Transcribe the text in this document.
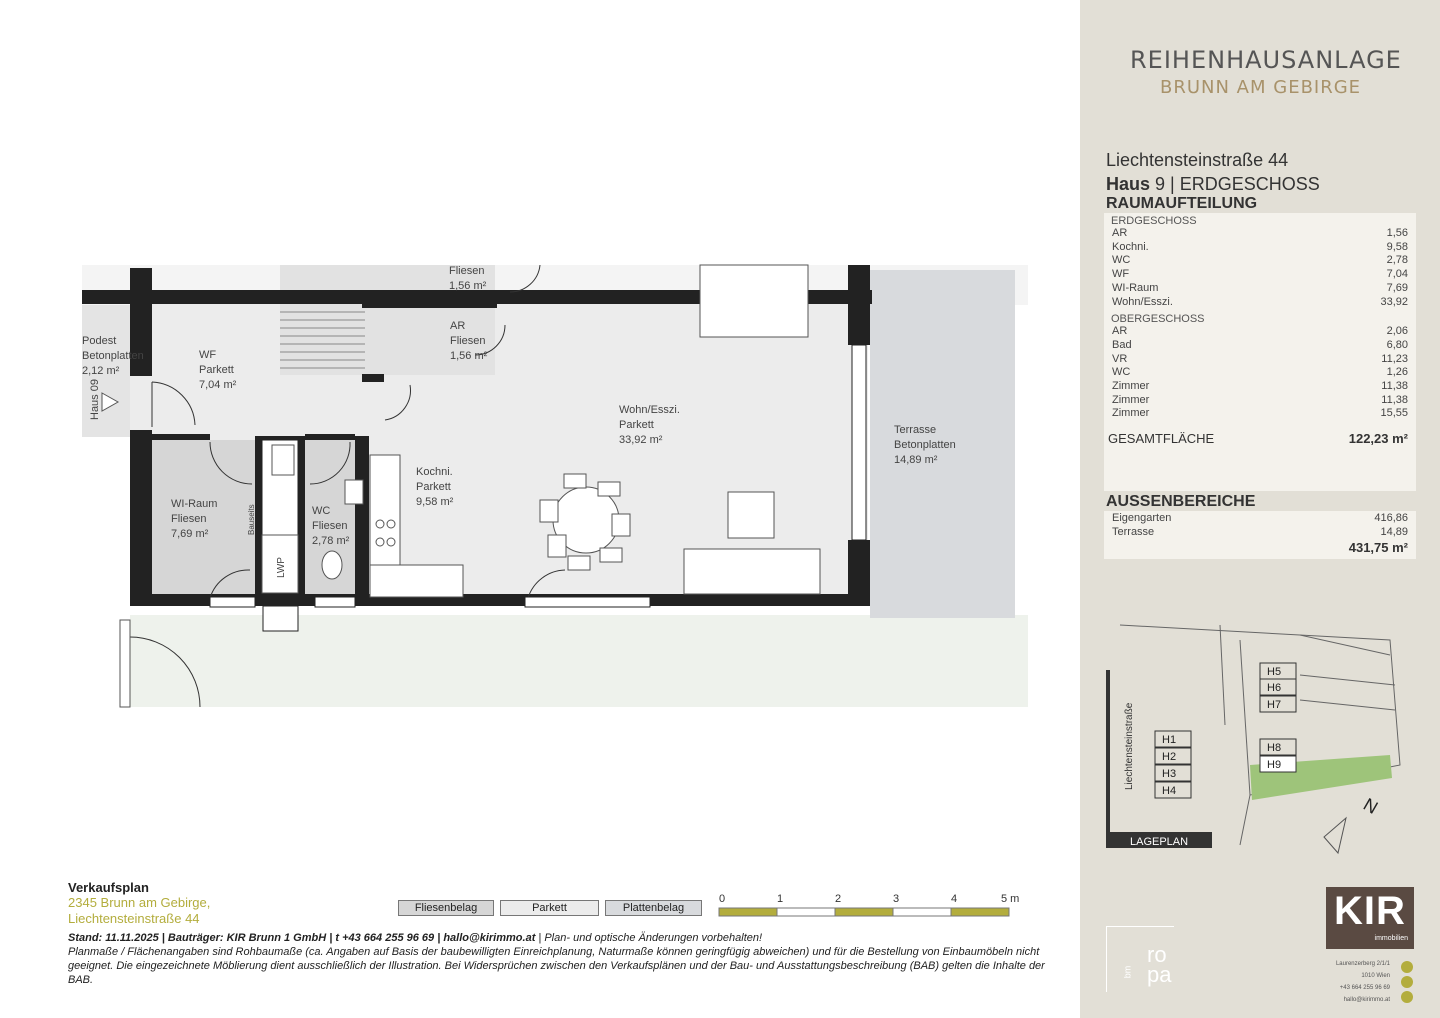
Podest
Betonplatten
2,12 m²
Haus 09
WF
Parkett
7,04 m²
Wohn/Esszi.
Parkett
33,92 m²
Kochni.
Parkett
9,58 m²
WI-Raum
Fliesen
7,69 m²
WC
Fliesen
2,78 m²
AR
Fliesen
1,56 m²
Fliesen
1,56 m²
Terrasse
Betonplatten
14,89 m²
LWP
Bauseits
REIHENHAUSANLAGE
BRUNN AM GEBIRGE
Liechtensteinstraße 44
Haus 9 | ERDGESCHOSS
RAUMAUFTEILUNG
ERDGESCHOSS
AR	1,56
Kochni.	9,58
WC	2,78
WF	7,04
WI-Raum	7,69
Wohn/Esszi.	33,92
OBERGESCHOSS
AR	2,06
Bad	6,80
VR	11,23
WC	1,26
Zimmer	11,38
Zimmer	11,38
Zimmer	15,55
GESAMTFLÄCHE	122,23 m²
AUSSENBEREICHE
Eigengarten	416,86
Terrasse	14,89
431,75 m²
LAGEPLAN
Liechtensteinstraße H1
H2
H3
H4
H5
H6
H7
H8
H9
N
Verkaufsplan
2345 Brunn am Gebirge,
Liechtensteinstraße 44
Stand: 11.11.2025 | Bauträger: KIR Brunn 1 GmbH | t +43 664 255 96 69 | hallo@kirimmo.at | Plan- und optische Änderungen vorbehalten!
Planmaße / Flächenangaben sind Rohbaumaße (ca. Angaben auf Basis der baubewilligten Einreichplanung, Naturmaße können geringfügig abweichen) und für die Bestellung von Einbaumöbeln nicht geeignet. Die eingezeichnete Möblierung dient ausschließlich der Illustration. Bei Widersprüchen zwischen den Verkaufsplänen und der Bau- und Ausstattungsbeschreibung (BAB) gelten die Inhalte der BAB.
Fliesenbelag	Parkett	Plattenbelag
0	1	2	3	4	5 m
ro pa
bm
KIR
immobilien
Laurenzerberg 2/1/1
1010 Wien
+43 664 255 96 69
hallo@kirimmo.at
